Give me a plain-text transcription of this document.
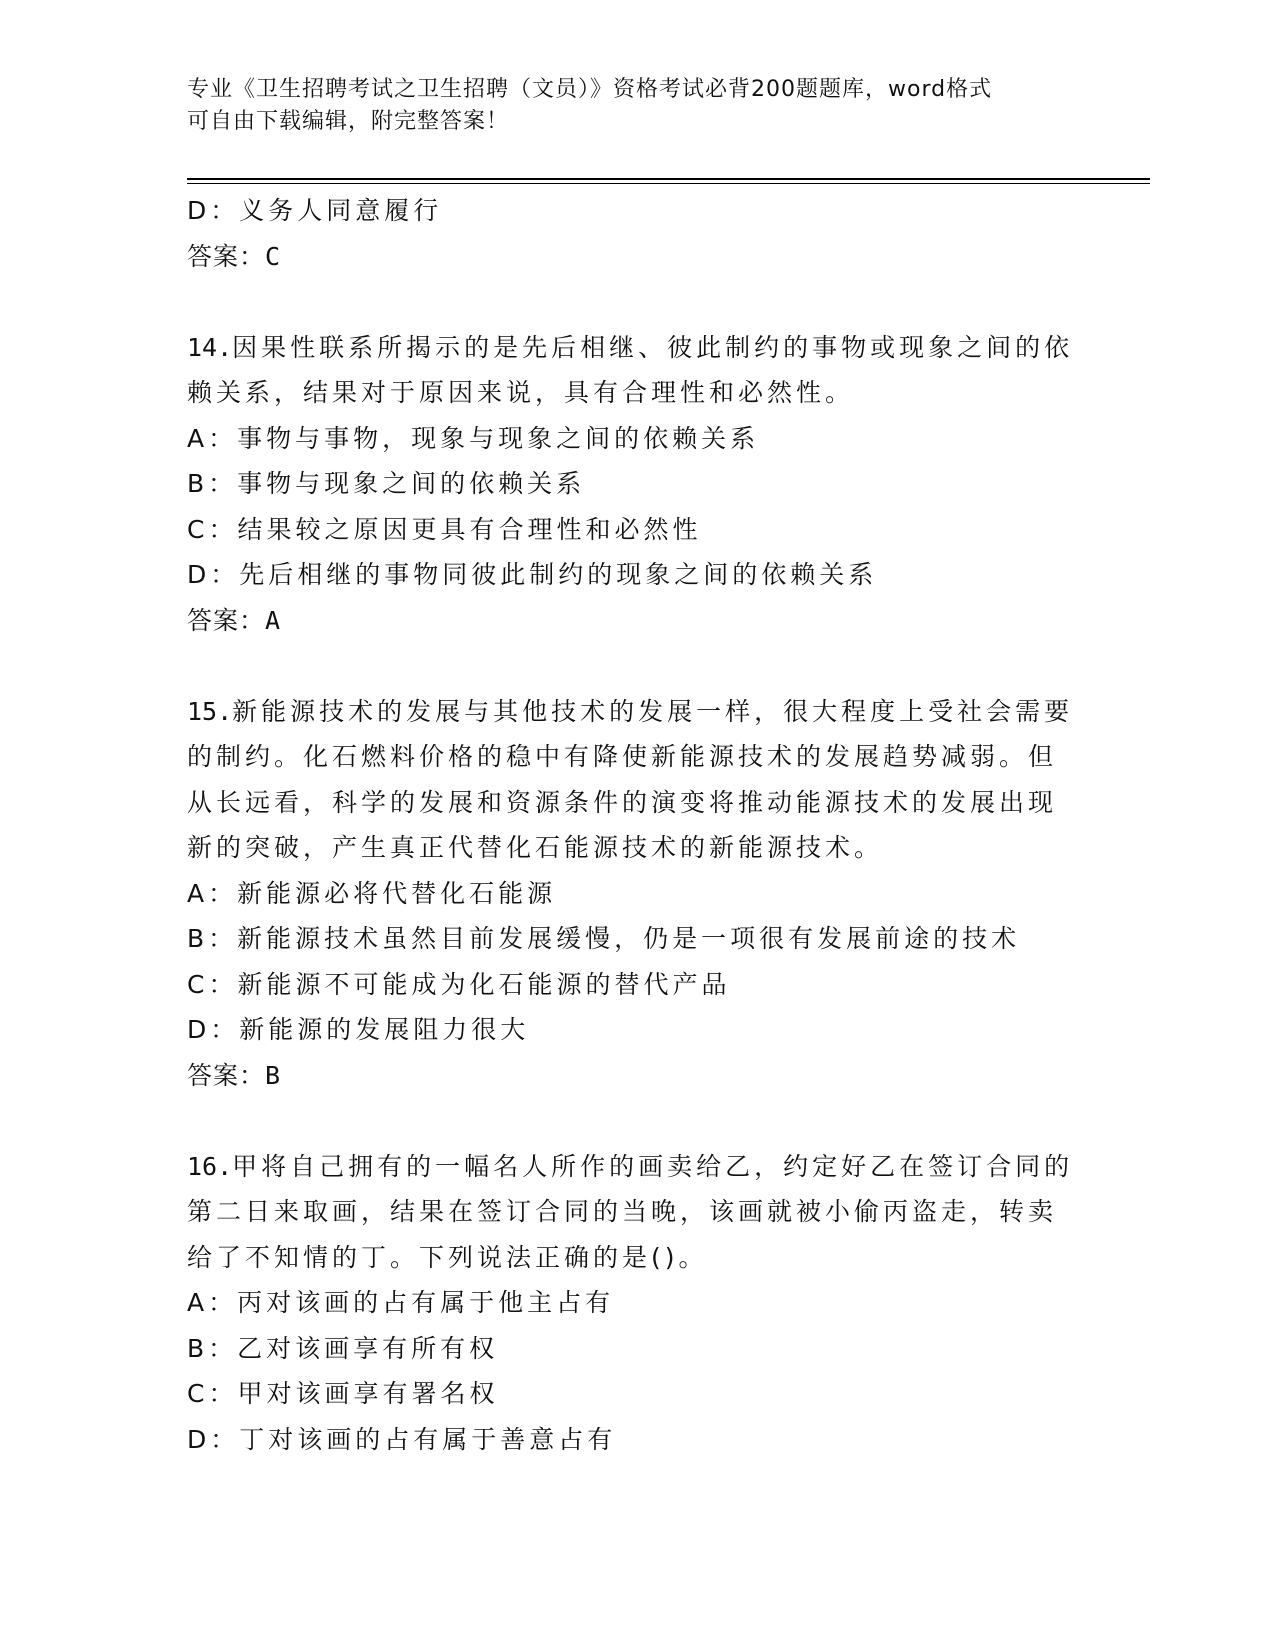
专业《卫生招聘考试之卫生招聘（文员）》资格考试必背200题题库，word格式
可自由下载编辑，附完整答案！
D：义务人同意履行
答案：C
14.因果性联系所揭示的是先后相继、彼此制约的事物或现象之间的依
赖关系，结果对于原因来说，具有合理性和必然性。
A：事物与事物，现象与现象之间的依赖关系
B：事物与现象之间的依赖关系
C：结果较之原因更具有合理性和必然性
D：先后相继的事物同彼此制约的现象之间的依赖关系
答案：A
15.新能源技术的发展与其他技术的发展一样，很大程度上受社会需要
的制约。化石燃料价格的稳中有降使新能源技术的发展趋势减弱。但
从长远看，科学的发展和资源条件的演变将推动能源技术的发展出现
新的突破，产生真正代替化石能源技术的新能源技术。
A：新能源必将代替化石能源
B：新能源技术虽然目前发展缓慢，仍是一项很有发展前途的技术
C：新能源不可能成为化石能源的替代产品
D：新能源的发展阻力很大
答案：B
16.甲将自己拥有的一幅名人所作的画卖给乙，约定好乙在签订合同的
第二日来取画，结果在签订合同的当晚，该画就被小偷丙盗走，转卖
给了不知情的丁。下列说法正确的是()。
A：丙对该画的占有属于他主占有
B：乙对该画享有所有权
C：甲对该画享有署名权
D：丁对该画的占有属于善意占有
